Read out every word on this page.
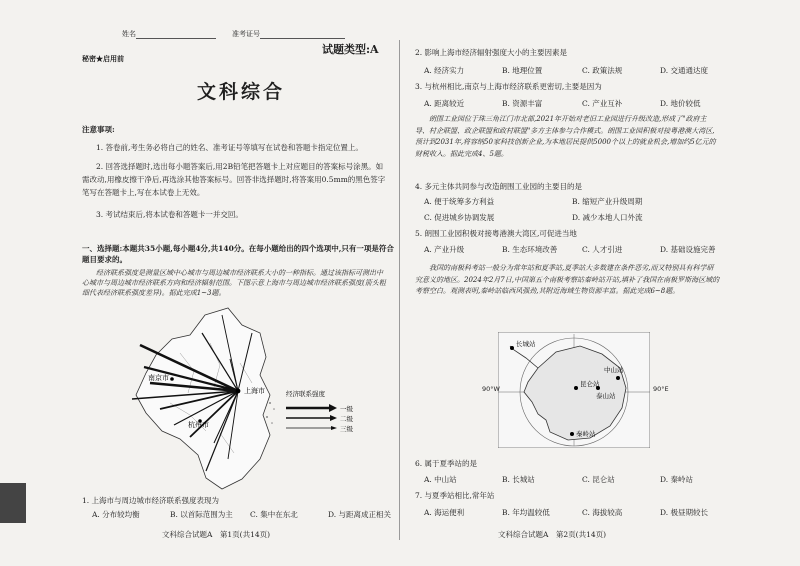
姓名	准考证号
试题类型:A
秘密★启用前
文科综合
注意事项:
1. 答卷前,考生务必将自己的姓名、准考证号等填写在试卷和答题卡指定位置上。
2. 回答选择题时,选出每小题答案后,用2B铅笔把答题卡上对应题目的答案标号涂黑。如需改动,用橡皮擦干净后,再选涂其他答案标号。回答非选择题时,将答案用0.5mm的黑色签字笔写在答题卡上,写在本试卷上无效。
3. 考试结束后,将本试卷和答题卡一并交回。
一、选择题:本题共35小题,每小题4分,共140分。在每小题给出的四个选项中,只有一项是符合题目要求的。
经济联系强度是测量区域中心城市与周边城市经济联系大小的一种指标。通过该指标可测出中心城市与周边城市经济联系方向和经济辐射范围。下图示意上海市与周边城市经济联系强度(箭头粗细代表经济联系强度差异)。据此完成1~3题。
上海市
杭州市
南京市
经济联系强度
一级
二级
三级
1. 上海市与周边城市经济联系强度表现为
A. 分布较均衡	B. 以首际范围为主	C. 集中在东北	D. 与距离成正相关
文科综合试题A　第1页(共14页)
2. 影响上海市经济辐射强度大小的主要因素是
A. 经济实力	B. 地理位置	C. 政策法规	D. 交通通达度
3. 与杭州相比,南京与上海市经济联系更密切,主要是因为
A. 距离较近	B. 资源丰富	C. 产业互补	D. 地价较低
朗围工业园位于珠三角江门市北部,2021年开始对老旧工业园进行升级改造,形成了"政府主导、村企联盟、政企联盟和政村联盟"多方主体参与合作模式。朗围工业园积极对接粤港澳大湾区,预计到2031年,将容纳50家科技创新企业,为本地居民提供5000个以上的就业机会,增加约5亿元的财税收入。据此完成4、5题。
4. 多元主体共同参与改造朗围工业园的主要目的是
A. 便于统筹多方利益	B. 缩短产业升级周期
C. 促进城乡协调发展	D. 减少本地人口外流
5. 朗围工业园积极对接粤港澳大湾区,可促进当地
A. 产业升级	B. 生态环境改善	C. 人才引进	D. 基础设施完善
我国的南极科考站一般分为常年站和夏季站,夏季站大多数建在条件恶劣,而又特别具有科学研究意义的地区。2024年2月7日,中国第五个南极考察站秦岭站开站,填补了我国在南极罗斯海区域的考察空白。观测表明,秦岭站临西风强劲,其附近海域生物资源丰富。据此完成6~8题。
长城站
昆仑站
中山站
泰山站
秦岭站
90°W	90°E
6. 属于夏季站的是
A. 中山站	B. 长城站	C. 昆仑站	D. 秦岭站
7. 与夏季站相比,常年站
A. 海运便利	B. 年均温较低	C. 海拔较高	D. 极昼期较长
文科综合试题A　第2页(共14页)
